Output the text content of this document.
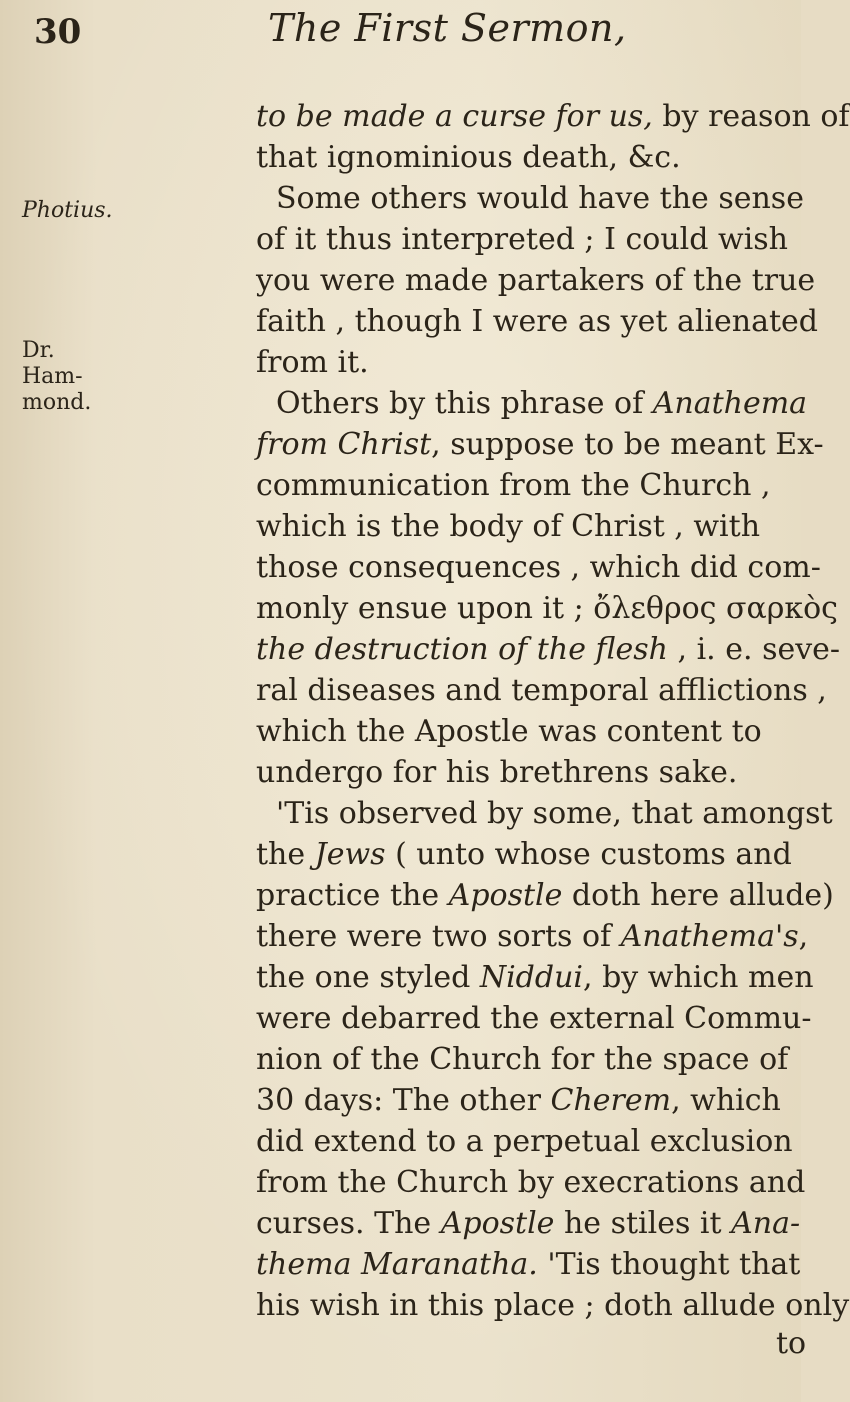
30	The First Sermon,
Photius.
Dr. Ham-
mond.
to be made a curse for us, by reason of
that ignominious death, &c.
Some others would have the sense
of it thus interpreted ; I could wish
you were made partakers of the true
faith , though I were as yet alienated
from it.
Others by this phrase of Anathema
from Christ, suppose to be meant Ex-
communication from the Church ,
which is the body of Christ , with
those consequences , which did com-
monly ensue upon it ; ὄλεθρος σαρκὸς
the destruction of the flesh , i. e. seve-
ral diseases and temporal afflictions ,
which the Apostle was content to
undergo for his brethrens sake.
'Tis observed by some, that amongst
the Jews ( unto whose customs and
practice the Apostle doth here allude)
there were two sorts of Anathema's,
the one styled Niddui, by which men
were debarred the external Commu-
nion of the Church for the space of
30 days: The other Cherem, which
did extend to a perpetual exclusion
from the Church by execrations and
curses. The Apostle he stiles it Ana-
thema Maranatha. 'Tis thought that
his wish in this place ; doth allude only
to
